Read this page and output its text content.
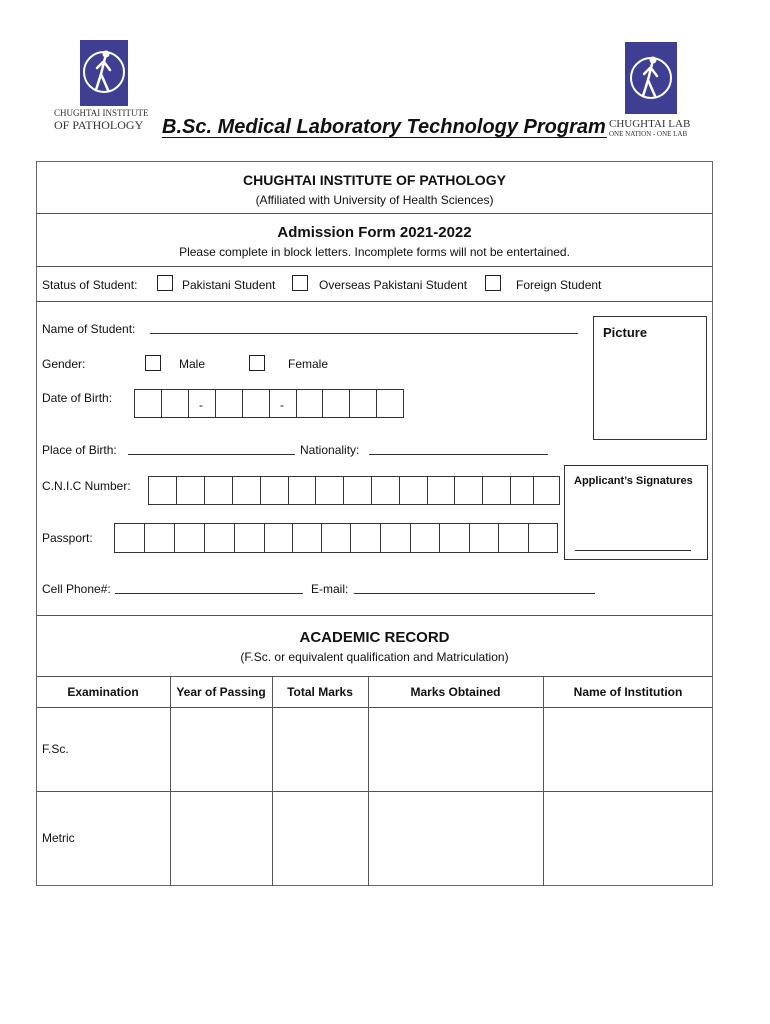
CHUGHTAI INSTITUTE
OF PATHOLOGY B.Sc. Medical Laboratory Technology Program CHUGHTAI LAB
ONE NATION - ONE LAB
CHUGHTAI INSTITUTE OF PATHOLOGY
(Affiliated with University of Health Sciences)
Admission Form 2021-2022
Please complete in block letters. Incomplete forms will not be entertained.
Status of Student:	Pakistani Student	Overseas Pakistani Student	Foreign Student
Name of Student:	Picture
Gender:	Male	Female
Date of Birth:	-	-
Place of Birth:	Nationality:
C.N.I.C Number:	Applicant’s Signatures
Passport:
Cell Phone#:	E-mail:
ACADEMIC RECORD
(F.Sc. or equivalent qualification and Matriculation)
Examination	Year of Passing	Total Marks	Marks Obtained	Name of Institution
F.Sc.
Metric
